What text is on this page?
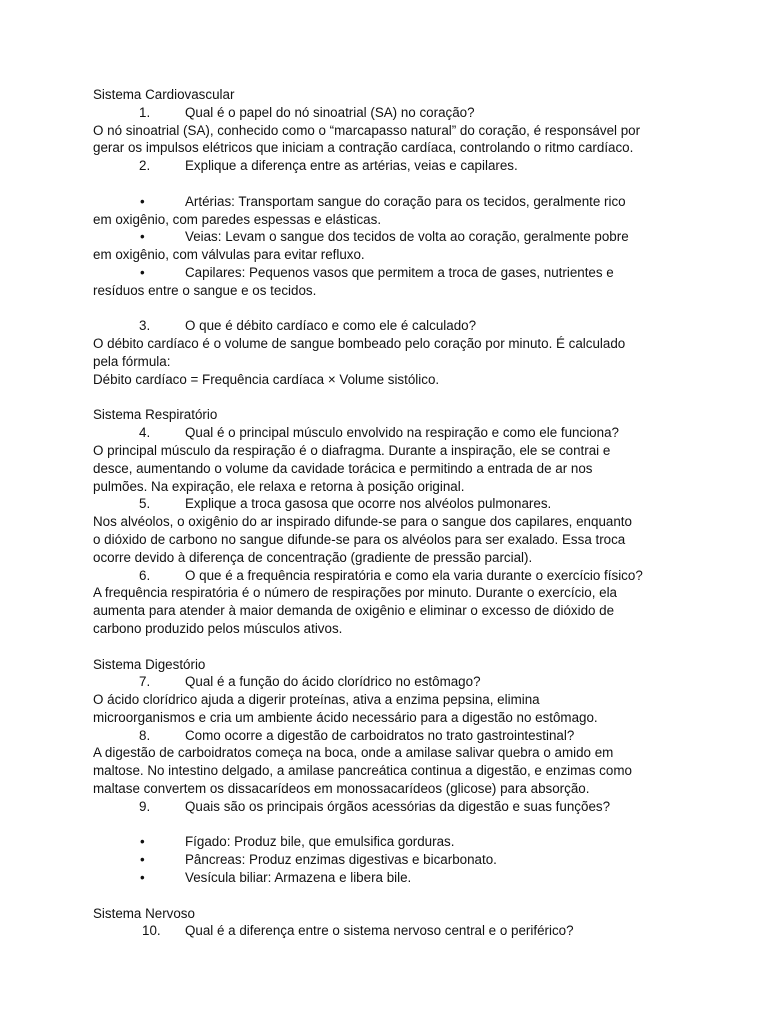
Sistema Cardiovascular
1.	Qual é o papel do nó sinoatrial (SA) no coração?
O nó sinoatrial (SA), conhecido como o “marcapasso natural” do coração, é responsável por
gerar os impulsos elétricos que iniciam a contração cardíaca, controlando o ritmo cardíaco.
2.	Explique a diferença entre as artérias, veias e capilares.
•	Artérias: Transportam sangue do coração para os tecidos, geralmente rico
em oxigênio, com paredes espessas e elásticas.
•	Veias: Levam o sangue dos tecidos de volta ao coração, geralmente pobre
em oxigênio, com válvulas para evitar refluxo.
•	Capilares: Pequenos vasos que permitem a troca de gases, nutrientes e
resíduos entre o sangue e os tecidos.
3.	O que é débito cardíaco e como ele é calculado?
O débito cardíaco é o volume de sangue bombeado pelo coração por minuto. É calculado
pela fórmula:
Débito cardíaco = Frequência cardíaca × Volume sistólico.
Sistema Respiratório
4.	Qual é o principal músculo envolvido na respiração e como ele funciona?
O principal músculo da respiração é o diafragma. Durante a inspiração, ele se contrai e
desce, aumentando o volume da cavidade torácica e permitindo a entrada de ar nos
pulmões. Na expiração, ele relaxa e retorna à posição original.
5.	Explique a troca gasosa que ocorre nos alvéolos pulmonares.
Nos alvéolos, o oxigênio do ar inspirado difunde-se para o sangue dos capilares, enquanto
o dióxido de carbono no sangue difunde-se para os alvéolos para ser exalado. Essa troca
ocorre devido à diferença de concentração (gradiente de pressão parcial).
6.	O que é a frequência respiratória e como ela varia durante o exercício físico?
A frequência respiratória é o número de respirações por minuto. Durante o exercício, ela
aumenta para atender à maior demanda de oxigênio e eliminar o excesso de dióxido de
carbono produzido pelos músculos ativos.
Sistema Digestório
7.	Qual é a função do ácido clorídrico no estômago?
O ácido clorídrico ajuda a digerir proteínas, ativa a enzima pepsina, elimina
microorganismos e cria um ambiente ácido necessário para a digestão no estômago.
8.	Como ocorre a digestão de carboidratos no trato gastrointestinal?
A digestão de carboidratos começa na boca, onde a amilase salivar quebra o amido em
maltose. No intestino delgado, a amilase pancreática continua a digestão, e enzimas como
maltase convertem os dissacarídeos em monossacarídeos (glicose) para absorção.
9.	Quais são os principais órgãos acessórias da digestão e suas funções?
•	Fígado: Produz bile, que emulsifica gorduras.
•	Pâncreas: Produz enzimas digestivas e bicarbonato.
•	Vesícula biliar: Armazena e libera bile.
Sistema Nervoso
10. Qual é a diferença entre o sistema nervoso central e o periférico?
